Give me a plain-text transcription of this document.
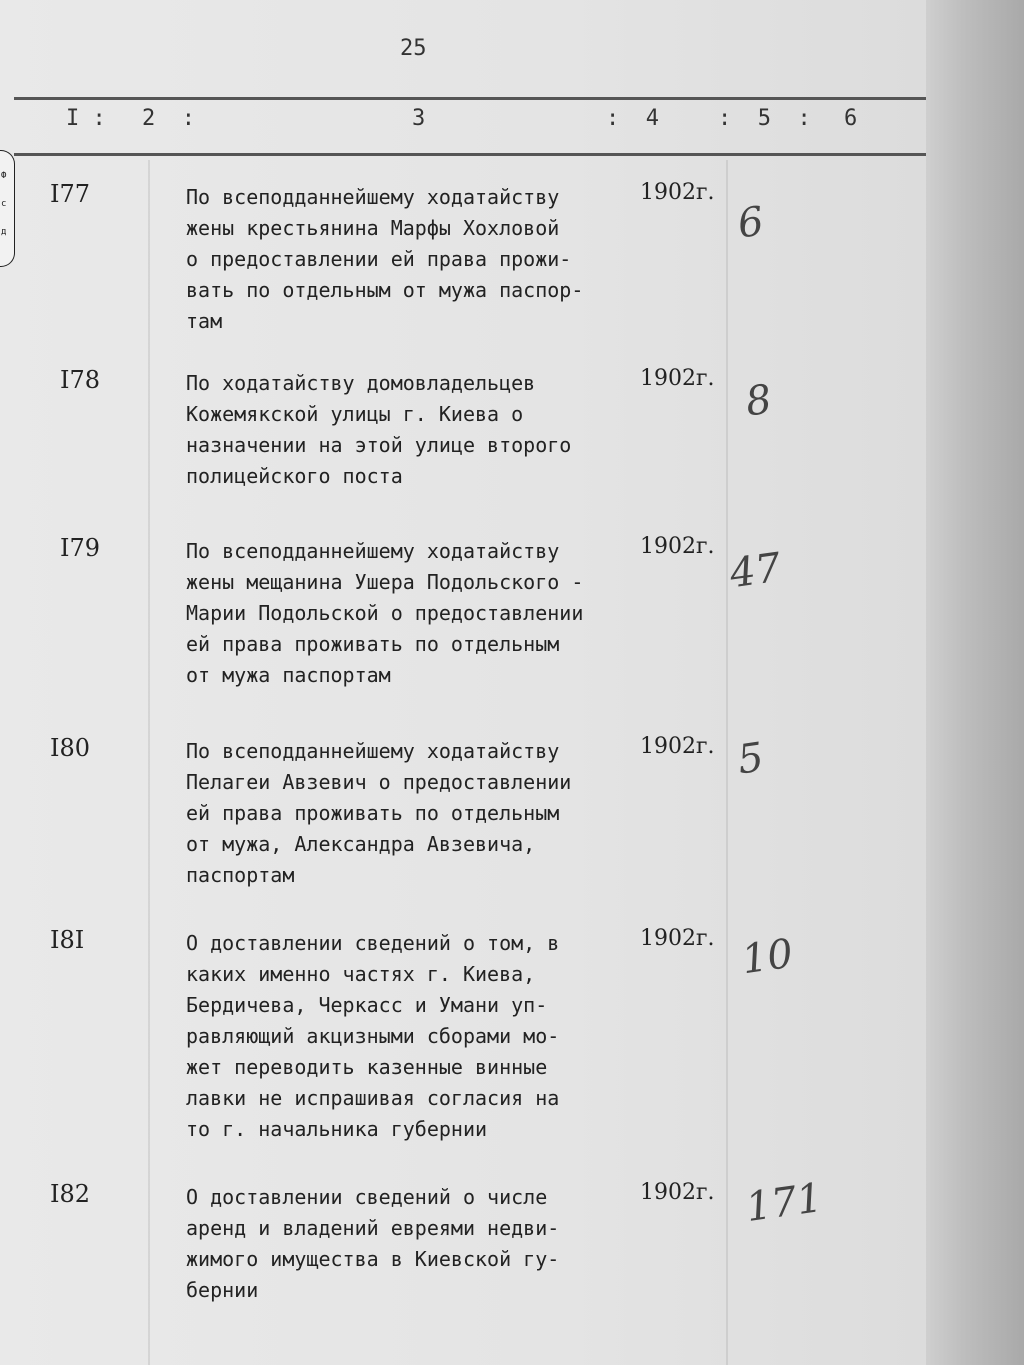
Ф
с
д
25
I : 2  :	3	:  4	:  5  : 6
I77	По всеподданнейшему ходатайству
жены крестьянина Марфы Хохловой
о предоставлении ей права прожи-
вать по отдельным от мужа паспор-
там
1902г.
6
I78	По ходатайству домовладельцев
Кожемякской улицы г. Киева о
назначении на этой улице второго
полицейского поста
1902г. 8
I79	По всеподданнейшему ходатайству
жены мещанина Ушера Подольского -
Марии Подольской о предоставлении
ей права проживать по отдельным
от мужа паспортам
1902г. 47
I80	По всеподданнейшему ходатайству
Пелагеи Авзевич о предоставлении
ей права проживать по отдельным
от мужа, Александра Авзевича,
паспортам
1902г. 5
I8I	О доставлении сведений о том, в
каких именно частях г. Киева,
Бердичева, Черкасс и Умани уп-
равляющий акцизными сборами мо-
жет переводить казенные винные
лавки не испрашивая согласия на
то г. начальника губернии
1902г. 10
I82	О доставлении сведений о числе
аренд и владений евреями недви-
жимого имущества в Киевской гу-
бернии
1902г. 171
